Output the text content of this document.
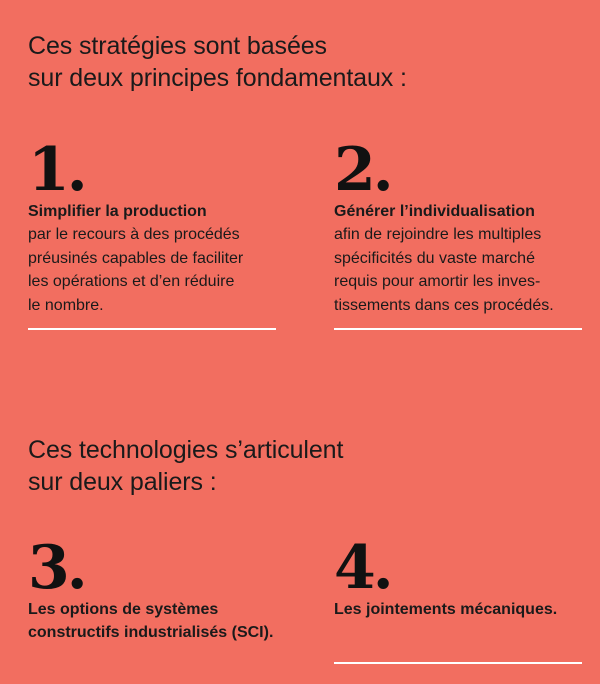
Ces stratégies sont basées
sur deux principes fondamentaux :
1.
Simplifier la production
par le recours à des procédés
préusinés capables de faciliter
les opérations et d’en réduire
le nombre.
2.
Générer l’individualisation
afin de rejoindre les multiples
spécificités du vaste marché
requis pour amortir les inves-
tissements dans ces procédés.
Ces technologies s’articulent
sur deux paliers :
3.
Les options de systèmes
constructifs industrialisés (SCI).
4.
Les jointements mécaniques.
